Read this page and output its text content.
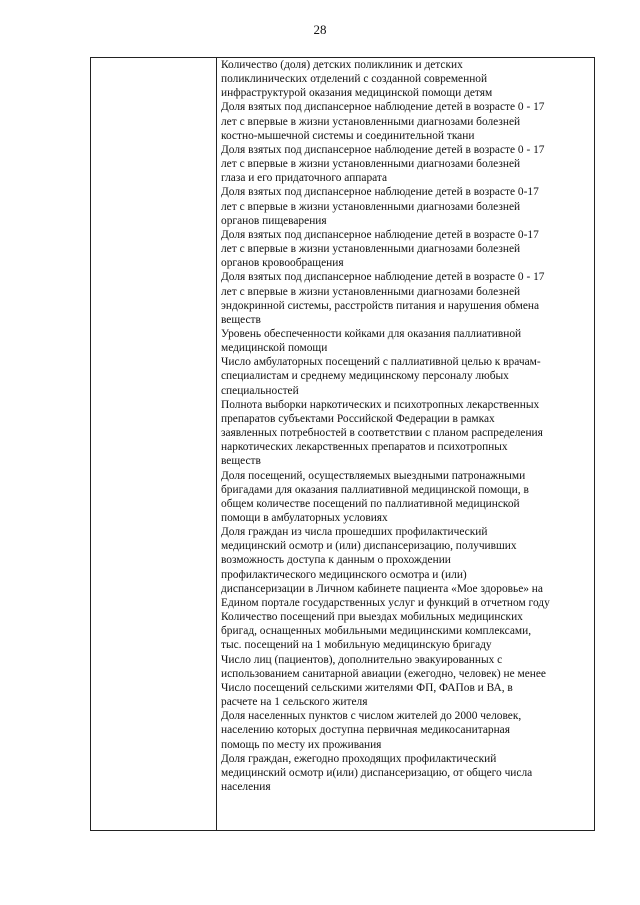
28
Количество (доля) детских поликлиник и детских
поликлинических отделений с созданной современной
инфраструктурой оказания медицинской помощи детям
Доля взятых под диспансерное наблюдение детей в возрасте 0 - 17
лет с впервые в жизни установленными диагнозами болезней
костно-мышечной системы и соединительной ткани
Доля взятых под диспансерное наблюдение детей в возрасте 0 - 17
лет с впервые в жизни установленными диагнозами болезней
глаза и его придаточного аппарата
Доля взятых под диспансерное наблюдение детей в возрасте 0-17
лет с впервые в жизни установленными диагнозами болезней
органов пищеварения
Доля взятых под диспансерное наблюдение детей в возрасте 0-17
лет с впервые в жизни установленными диагнозами болезней
органов кровообращения
Доля взятых под диспансерное наблюдение детей в возрасте 0 - 17
лет с впервые в жизни установленными диагнозами болезней
эндокринной системы, расстройств питания и нарушения обмена
веществ
Уровень обеспеченности койками для оказания паллиативной
медицинской помощи
Число амбулаторных посещений с паллиативной целью к врачам-
специалистам и среднему медицинскому персоналу любых
специальностей
Полнота выборки наркотических и психотропных лекарственных
препаратов субъектами Российской Федерации в рамках
заявленных потребностей в соответствии с планом распределения
наркотических лекарственных препаратов и психотропных
веществ
Доля посещений, осуществляемых выездными патронажными
бригадами для оказания паллиативной медицинской помощи, в
общем количестве посещений по паллиативной медицинской
помощи в амбулаторных условиях
Доля граждан из числа прошедших профилактический
медицинский осмотр и (или) диспансеризацию, получивших
возможность доступа к данным о прохождении
профилактического медицинского осмотра и (или)
диспансеризации в Личном кабинете пациента «Мое здоровье» на
Едином портале государственных услуг и функций в отчетном году
Количество посещений при выездах мобильных медицинских
бригад, оснащенных мобильными медицинскими комплексами,
тыс. посещений на 1 мобильную медицинскую бригаду
Число лиц (пациентов), дополнительно эвакуированных с
использованием санитарной авиации (ежегодно, человек) не менее
Число посещений сельскими жителями ФП, ФАПов и ВА, в
расчете на 1 сельского жителя
Доля населенных пунктов с числом жителей до 2000 человек,
населению которых доступна первичная медикосанитарная
помощь по месту их проживания
Доля граждан, ежегодно проходящих профилактический
медицинский осмотр и(или) диспансеризацию, от общего числа
населения
